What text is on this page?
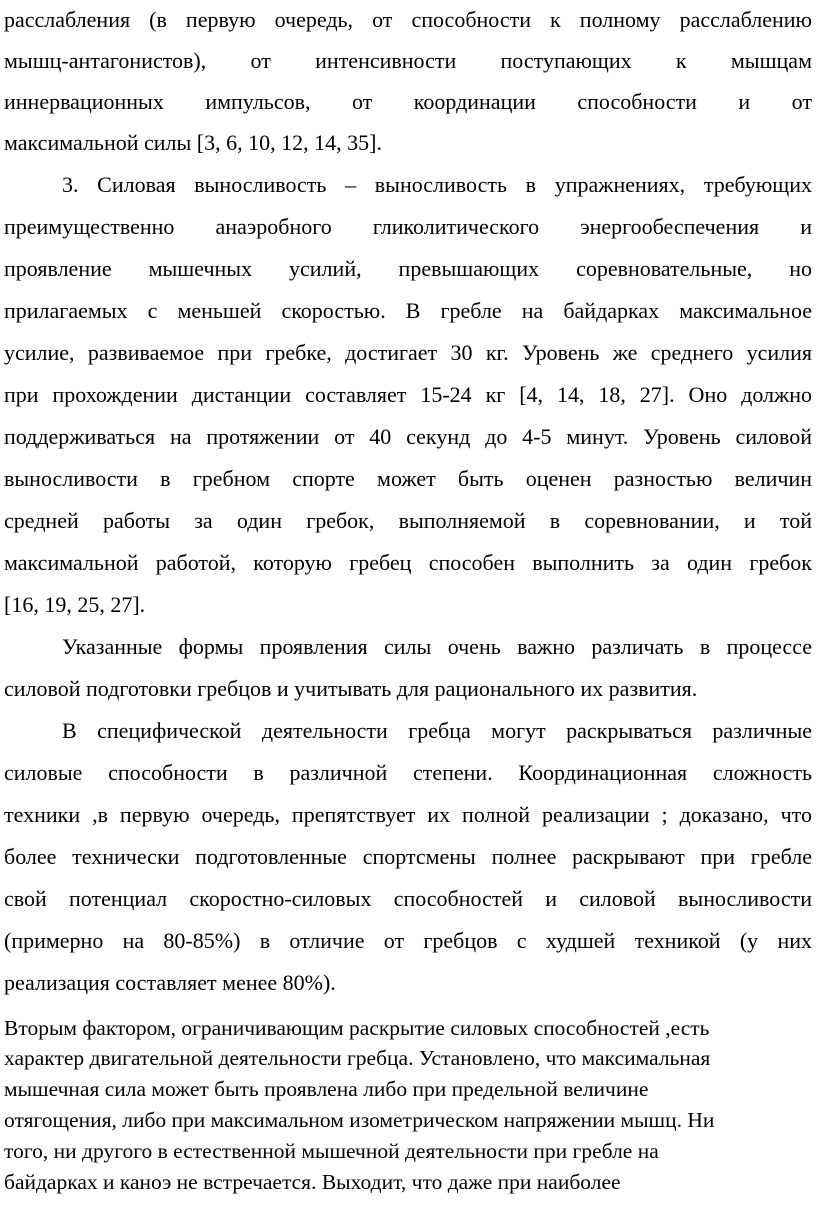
расслабления (в первую очередь, от способности к полному расслаблению
мышц-антагонистов), от интенсивности поступающих к мышцам
иннервационных импульсов, от координации способности и от
максимальной силы [3, 6, 10, 12, 14, 35].
3. Силовая выносливость – выносливость в упражнениях, требующих
преимущественно анаэробного гликолитического энергообеспечения и
проявление мышечных усилий, превышающих соревновательные, но
прилагаемых с меньшей скоростью. В гребле на байдарках максимальное
усилие, развиваемое при гребке, достигает 30 кг. Уровень же среднего усилия
при прохождении дистанции составляет 15-24 кг [4, 14, 18, 27]. Оно должно
поддерживаться на протяжении от 40 секунд до 4-5 минут. Уровень силовой
выносливости в гребном спорте может быть оценен разностью величин
средней работы за один гребок, выполняемой в соревновании, и той
максимальной работой, которую гребец способен выполнить за один гребок
[16, 19, 25, 27].
Указанные формы проявления силы очень важно различать в процессе
силовой подготовки гребцов и учитывать для рационального их развития.
В специфической деятельности гребца могут раскрываться различные
силовые способности в различной степени. Координационная сложность
техники ,в первую очередь, препятствует их полной реализации ; доказано, что
более технически подготовленные спортсмены полнее раскрывают при гребле
свой потенциал скоростно-силовых способностей и силовой выносливости
(примерно на 80-85%) в отличие от гребцов с худшей техникой (у них
реализация составляет менее 80%).
Вторым фактором, ограничивающим раскрытие силовых способностей ,есть
характер двигательной деятельности гребца. Установлено, что максимальная
мышечная сила может быть проявлена либо при предельной величине
отягощения, либо при максимальном изометрическом напряжении мышц. Ни
того, ни другого в естественной мышечной деятельности при гребле на
байдарках и каноэ не встречается. Выходит, что даже при наиболее
